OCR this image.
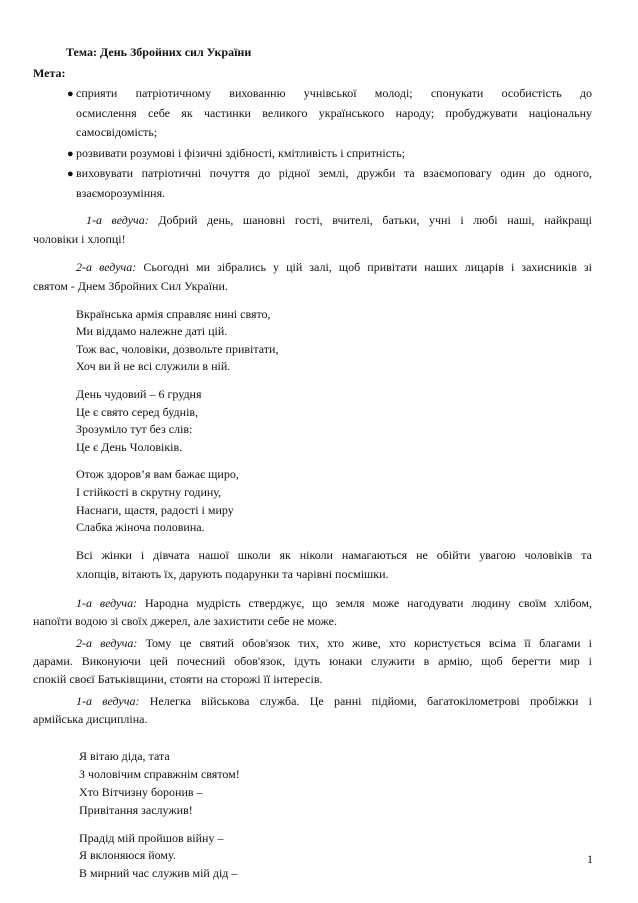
Тема: День Збройних сил України

Мета:

● сприяти патріотичному вихованню учнівської молоді; спонукати особистість до

осмислення себе як частинки великого українського народу; пробуджувати національну

самосвідомість;

● розвивати розумові і фізичні здібності, кмітливість і спритність;

● виховувати патріотичні почуття до рідної землі, дружби та взаємоповагу один до одного,

взаєморозуміння.

1-а ведуча: Добрий день, шановні гості, вчителі, батьки, учні і любі наші, найкращі

чоловіки і хлопці!

2-а ведуча: Сьогодні ми зібрались у цій залі, щоб привітати наших лицарів і захисників зі

святом - Днем Збройних Сил України.

Вкраїнська армія справляє нині свято,

Ми віддамо належне даті цій.

Тож вас, чоловіки, дозвольте привітати,

Хоч ви й не всі служили в ній.

День чудовий – 6 грудня

Це є свято серед буднів,

Зрозуміло тут без слів:

Це є День Чоловіків.

Отож здоров’я вам бажає щиро,

І стійкості в скрутну годину,

Наснаги, щастя, радості і миру

Слабка жіноча половина.

Всі жінки і дівчата нашої школи як ніколи намагаються не обійти увагою чоловіків та

хлопців, вітають їх, дарують подарунки та чарівні посмішки.

1-а ведуча: Народна мудрість стверджує, що земля може нагодувати людину своїм хлібом,

напоїти водою зі своїх джерел, але захистити себе не може.

2-а ведуча: Тому це святий обов'язок тих, хто живе, хто користується всіма її благами і

дарами. Виконуючи цей почесний обов'язок, ідуть юнаки служити в армію, щоб берегти мир і

спокій своєї Батьківщини, стояти на сторожі її інтересів.

1-а ведуча: Нелегка військова служба. Це ранні підйоми, багатокілометрові пробіжки і

армійська дисципліна.

Я вітаю діда, тата

З чоловічим справжнім святом!

Хто Вітчизну боронив –

Привітання заслужив!

Прадід мій пройшов війну –

Я вклоняюся йому.

В мирний час служив мій дід –

1
